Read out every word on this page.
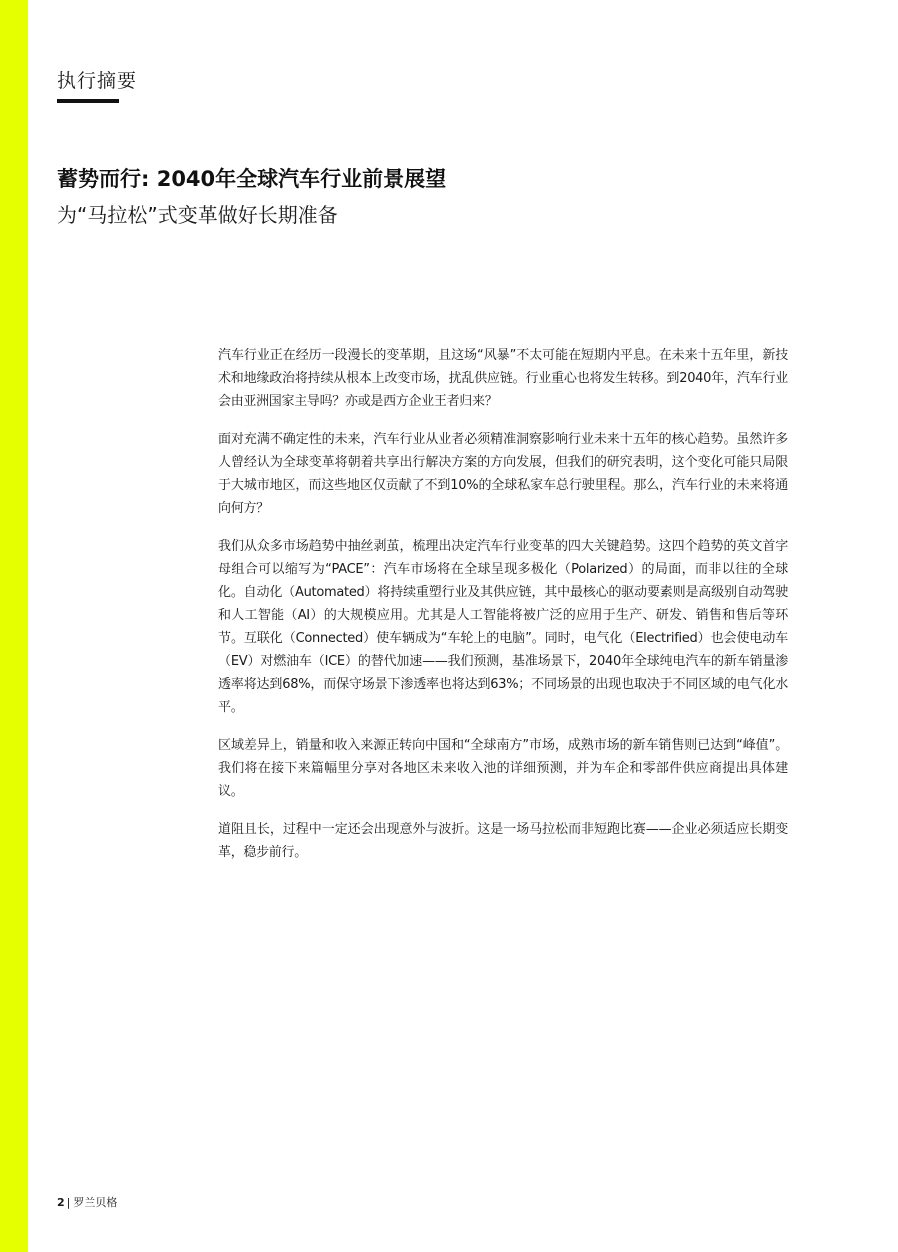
执行摘要
蓄势而行: 2040年全球汽车行业前景展望
为“马拉松”式变革做好长期准备

汽车行业正在经历一段漫长的变革期，且这场“风暴”不太可能在短期内平息。在未来十五年里，新技术和地缘政治将持续从根本上改变市场，扰乱供应链。行业重心也将发生转移。到2040年，汽车行业会由亚洲国家主导吗？亦或是西方企业王者归来？

面对充满不确定性的未来，汽车行业从业者必须精准洞察影响行业未来十五年的核心趋势。虽然许多人曾经认为全球变革将朝着共享出行解决方案的方向发展，但我们的研究表明，这个变化可能只局限于大城市地区，而这些地区仅贡献了不到10%的全球私家车总行驶里程。那么，汽车行业的未来将通向何方？

我们从众多市场趋势中抽丝剥茧，梳理出决定汽车行业变革的四大关键趋势。这四个趋势的英文首字母组合可以缩写为“PACE”：汽车市场将在全球呈现多极化（Polarized）的局面，而非以往的全球化。自动化（Automated）将持续重塑行业及其供应链，其中最核心的驱动要素则是高级别自动驾驶和人工智能（AI）的大规模应用。尤其是人工智能将被广泛的应用于生产、研发、销售和售后等环节。互联化（Connected）使车辆成为“车轮上的电脑”。同时，电气化（Electrified）也会使电动车（EV）对燃油车（ICE）的替代加速——我们预测，基准场景下，2040年全球纯电汽车的新车销量渗透率将达到68%，而保守场景下渗透率也将达到63%；不同场景的出现也取决于不同区域的电气化水平。

区域差异上，销量和收入来源正转向中国和“全球南方”市场，成熟市场的新车销售则已达到“峰值”。我们将在接下来篇幅里分享对各地区未来收入池的详细预测，并为车企和零部件供应商提出具体建议。

道阻且长，过程中一定还会出现意外与波折。这是一场马拉松而非短跑比赛——企业必须适应长期变革，稳步前行。

2 | 罗兰贝格
